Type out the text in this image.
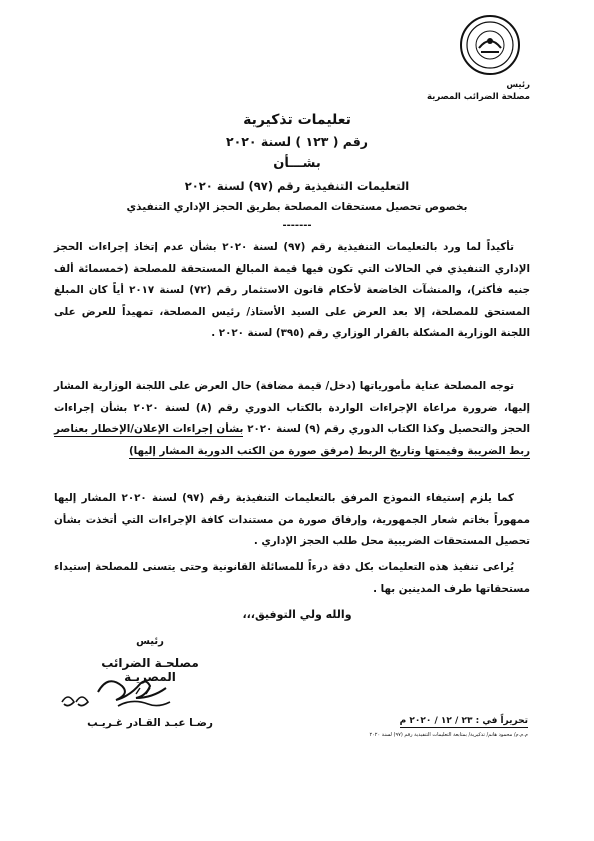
رئيس
مصلحة الضرائب المصرية
تعليمات تذكيرية
رقم ( ١٢٣ ) لسنة ٢٠٢٠
بشـــأن
التعليمات التنفيذية رقم (٩٧) لسنة ٢٠٢٠
بخصوص تحصيل مستحقات المصلحة بطريق الحجز الإداري التنفيذي
-------
تأكيداً لما ورد بالتعليمات التنفيذية رقم (٩٧) لسنة ٢٠٢٠ بشأن عدم إتخاذ إجراءات الحجز الإداري التنفيذي في الحالات التي تكون فيها قيمة المبالغ المستحقة للمصلحة (خمسمائة ألف جنيه فأكثر)، والمنشآت الخاضعة لأحكام قانون الاستثمار رقم (٧٢) لسنة ٢٠١٧ أياً كان المبلغ المستحق للمصلحة، إلا بعد العرض على السيد الأستاذ/ رئيس المصلحة، تمهيداً للعرض على اللجنة الوزارية المشكلة بالقرار الوزاري رقم (٣٩٥) لسنة ٢٠٢٠ .
توجه المصلحة عناية مأمورياتها (دخل/ قيمة مضافة) حال العرض على اللجنة الوزارية المشار إليها، ضرورة مراعاة الإجراءات الواردة بالكتاب الدوري رقم (٨) لسنة ٢٠٢٠ بشأن إجراءات الحجز والتحصيل وكذا الكتاب الدوري رقم (٩) لسنة ٢٠٢٠ بشأن إجراءات الإعلان/الإخطار بعناصر ربط الضريبة وقيمتها وتاريخ الربط (مرفق صورة من الكتب الدورية المشار إليها)
كما يلزم إستيفاء النموذج المرفق بالتعليمات التنفيذية رقم (٩٧) لسنة ٢٠٢٠ المشار إليها ممهوراً بخاتم شعار الجمهورية، وإرفاق صورة من مستندات كافة الإجراءات التي أتخذت بشأن تحصيل المستحقات الضريبية محل طلب الحجز الإداري .
يُراعى تنفيذ هذه التعليمات بكل دقة درءاً للمسائلة القانونية وحتى يتسنى للمصلحة إستيداء مستحقاتها طرف المدينين بها .
والله ولي التوفيق،،،
رئيس
مصلحـة الضرائب المصريـة
رضـا عبـد القـادر غـريـب	تحريراً في : ٢٣ / ١٢ / ٢٠٢٠ م
م.م.م/ محمود هانم/ تذكيرية/ بمتابعة التعليمات التنفيذية رقم (٩٧) لسنة ٢٠٢٠
